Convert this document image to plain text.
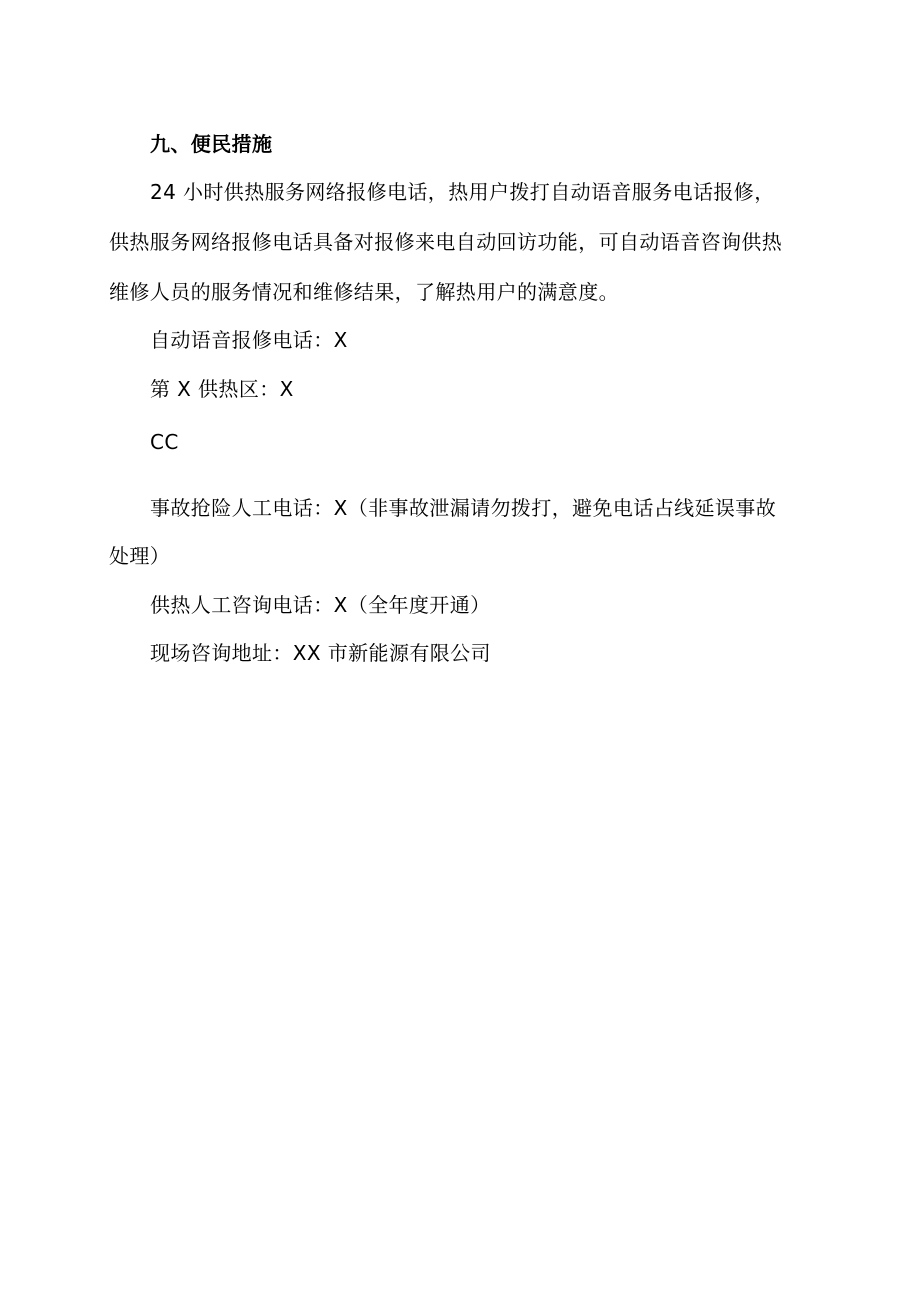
九、便民措施
24 小时供热服务网络报修电话，热用户拨打自动语音服务电话报修，
供热服务网络报修电话具备对报修来电自动回访功能，可自动语音咨询供热
维修人员的服务情况和维修结果，了解热用户的满意度。
自动语音报修电话：X
第 X 供热区：X
CC
事故抢险人工电话：X（非事故泄漏请勿拨打，避免电话占线延误事故
处理）
供热人工咨询电话：X（全年度开通）
现场咨询地址：XX 市新能源有限公司
